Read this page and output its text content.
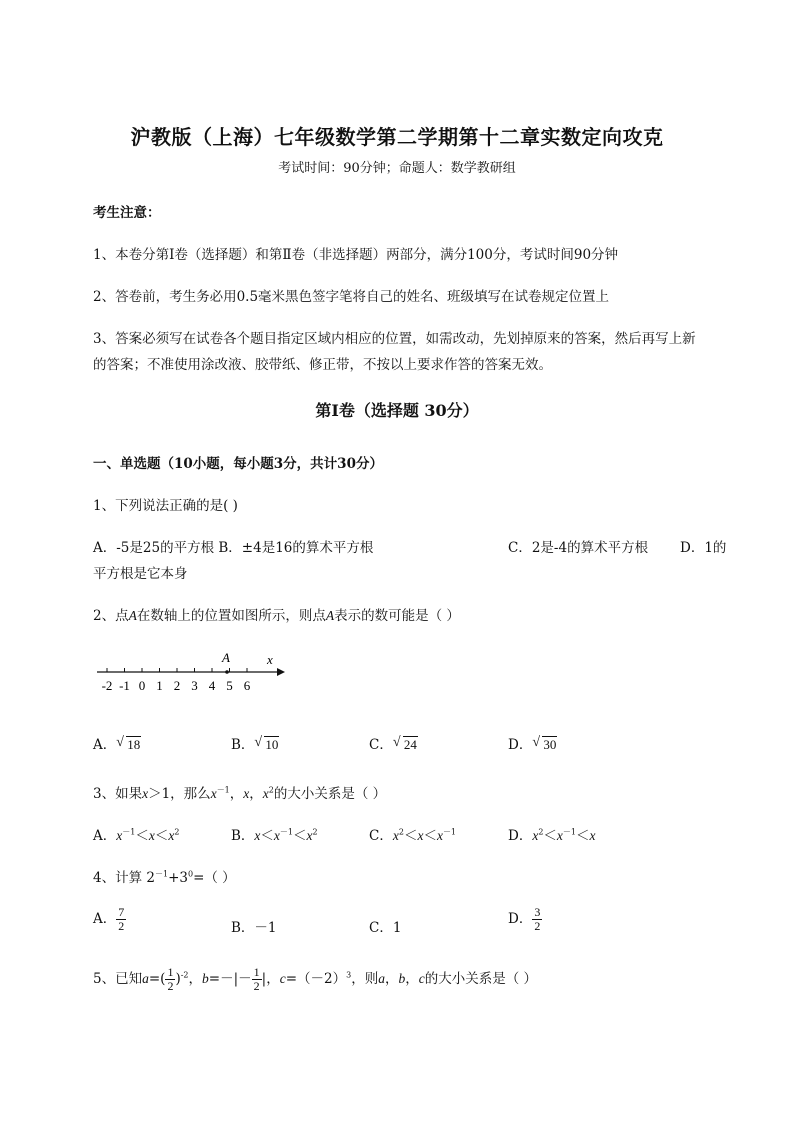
沪教版（上海）七年级数学第二学期第十二章实数定向攻克
考试时间：90分钟；命题人：数学教研组
考生注意：
1、本卷分第I卷（选择题）和第Ⅱ卷（非选择题）两部分，满分100分，考试时间90分钟
2、答卷前，考生务必用0.5毫米黑色签字笔将自己的姓名、班级填写在试卷规定位置上
3、答案必须写在试卷各个题目指定区域内相应的位置，如需改动，先划掉原来的答案，然后再写上新
的答案；不准使用涂改液、胶带纸、修正带，不按以上要求作答的答案无效。
第I卷（选择题 30分）
一、单选题（10小题，每小题3分，共计30分）
1、下列说法正确的是( )
A．-5是25的平方根 B．±4是16的算术平方根	C．2是-4的算术平方根 D．1的
平方根是它本身
2、点A在数轴上的位置如图所示，则点A表示的数可能是（ ）
-2 -1 0 1 2 3 4 5 6
A	x
A． √ 18	B． √ 10	C． √ 24	D． √ 30
3、如果x＞1，那么$x^{-1}$，x，$x^2$的大小关系是（ ）
A．$x^{-1}<x<x^2$	B．$x<x^{-1}<x^2$	C．$x^2<x<x^{-1}$	D．$x^2<x^{-1}<x$
4、计算 $2^{-1}+3^0=$（ ）
A． $\frac{7}{2}$	B．－1	C．1
D． $\frac{3}{2}$
5、已知$a=( \frac{1}{2} )^{-2}$，$b=-|- \frac{1}{2}$ |，$c=(-2)^3$，则a，b，c的大小关系是（ ）
